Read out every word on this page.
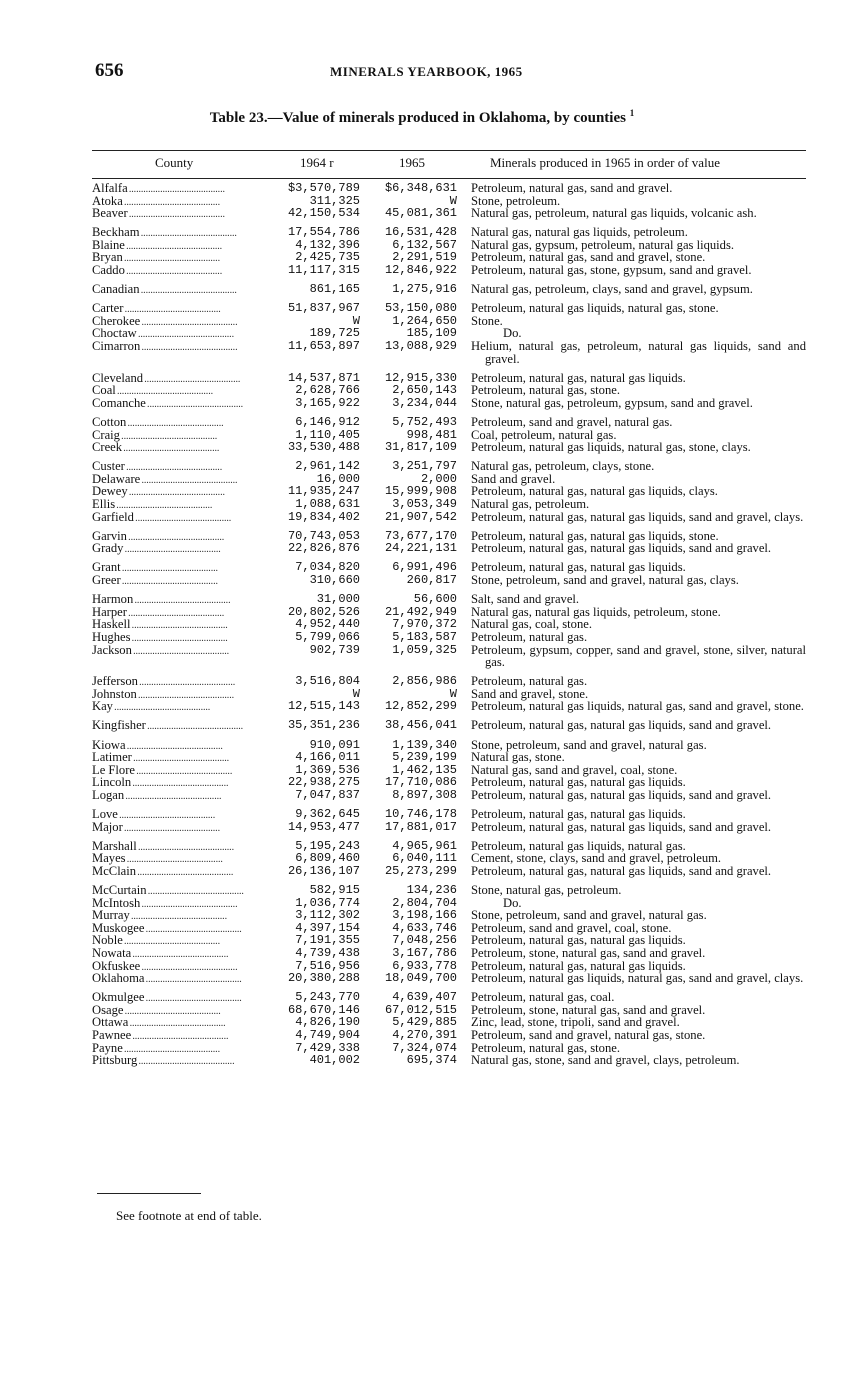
656	MINERALS YEARBOOK, 1965
Table 23.—Value of minerals produced in Oklahoma, by counties $^1$
County	1964 r	1965	Minerals produced in 1965 in order of value
Alfalfa . . .	$3,570,789	$6,348,631 Petroleum, natural gas, sand and gravel.
Atoka . . .	311,325	W Stone, petroleum.
Beaver . . .	42,150,534	45,081,361 Natural gas, petroleum, natural gas liquids, volcanic ash.
Beckham . . .	17,554,786	16,531,428 Natural gas, natural gas liquids, petroleum.
Blaine . . .	4,132,396	6,132,567 Natural gas, gypsum, petroleum, natural gas liquids.
Bryan . . .	2,425,735	2,291,519 Petroleum, natural gas, sand and gravel, stone.
Caddo . . .	11,117,315	12,846,922 Petroleum, natural gas, stone, gypsum, sand and gravel.
Canadian . . .	861,165	1,275,916 Natural gas, petroleum, clays, sand and gravel, gypsum.
Carter . . .	51,837,967	53,150,080 Petroleum, natural gas liquids, natural gas, stone.
Cherokee . . .	W	1,264,650 Stone.
Choctaw . . .	189,725	185,109	Do.
Cimarron . . .	11,653,897	13,088,929 Helium, natural gas, petroleum, natural gas liquids, sand and gravel.
Cleveland . . .	14,537,871	12,915,330 Petroleum, natural gas, natural gas liquids.
Coal . . .	2,628,766	2,650,143 Petroleum, natural gas, stone.
Comanche . . .	3,165,922	3,234,044 Stone, natural gas, petroleum, gypsum, sand and gravel.
Cotton . . .	6,146,912	5,752,493 Petroleum, sand and gravel, natural gas.
Craig . . .	1,110,405	998,481 Coal, petroleum, natural gas.
Creek . . .	33,530,488	31,817,109 Petroleum, natural gas liquids, natural gas, stone, clays.
Custer . . .	2,961,142	3,251,797 Natural gas, petroleum, clays, stone.
Delaware . . .	16,000	2,000 Sand and gravel.
Dewey . . .	11,935,247	15,999,908 Petroleum, natural gas, natural gas liquids, clays.
Ellis . . .	1,088,631	3,053,349 Natural gas, petroleum.
Garfield . . .	19,834,402	21,907,542 Petroleum, natural gas, natural gas liquids, sand and gravel, clays.
Garvin . . .	70,743,053	73,677,170 Petroleum, natural gas, natural gas liquids, stone.
Grady . . .	22,826,876	24,221,131 Petroleum, natural gas, natural gas liquids, sand and gravel.
Grant . . .	7,034,820	6,991,496 Petroleum, natural gas, natural gas liquids.
Greer . . .	310,660	260,817 Stone, petroleum, sand and gravel, natural gas, clays.
Harmon . . .	31,000	56,600 Salt, sand and gravel.
Harper . . .	20,802,526	21,492,949 Natural gas, natural gas liquids, petroleum, stone.
Haskell . . .	4,952,440	7,970,372 Natural gas, coal, stone.
Hughes . . .	5,799,066	5,183,587 Petroleum, natural gas.
Jackson . . .	902,739	1,059,325 Petroleum, gypsum, copper, sand and gravel, stone, silver, natural gas.
Jefferson . . .	3,516,804	2,856,986 Petroleum, natural gas.
Johnston . . .	W	W Sand and gravel, stone.
Kay . . .	12,515,143	12,852,299 Petroleum, natural gas liquids, natural gas, sand and gravel, stone.
Kingfisher . . .	35,351,236	38,456,041 Petroleum, natural gas, natural gas liquids, sand and gravel.
Kiowa . . .	910,091	1,139,340 Stone, petroleum, sand and gravel, natural gas.
Latimer . . .	4,166,011	5,239,199 Natural gas, stone.
Le Flore . . .	1,369,536	1,462,135 Natural gas, sand and gravel, coal, stone.
Lincoln . . .	22,938,275	17,710,086 Petroleum, natural gas, natural gas liquids.
Logan . . .	7,047,837	8,897,308 Petroleum, natural gas, natural gas liquids, sand and gravel.
Love . . .	9,362,645	10,746,178 Petroleum, natural gas, natural gas liquids.
Major . . .	14,953,477	17,881,017 Petroleum, natural gas, natural gas liquids, sand and gravel.
Marshall . . .	5,195,243	4,965,961 Petroleum, natural gas liquids, natural gas.
Mayes . . .	6,809,460	6,040,111 Cement, stone, clays, sand and gravel, petroleum.
McClain . . .	26,136,107	25,273,299 Petroleum, natural gas, natural gas liquids, sand and gravel.
McCurtain . . .	582,915	134,236 Stone, natural gas, petroleum.
McIntosh . . .	1,036,774	2,804,704	Do.
Murray . . .	3,112,302	3,198,166 Stone, petroleum, sand and gravel, natural gas.
Muskogee . . .	4,397,154	4,633,746 Petroleum, sand and gravel, coal, stone.
Noble . . .	7,191,355	7,048,256 Petroleum, natural gas, natural gas liquids.
Nowata . . .	4,739,438	3,167,786 Petroleum, stone, natural gas, sand and gravel.
Okfuskee . . .	7,516,956	6,933,778 Petroleum, natural gas, natural gas liquids.
Oklahoma . . .	20,380,288	18,049,700 Petroleum, natural gas liquids, natural gas, sand and gravel, clays.
Okmulgee . . .	5,243,770	4,639,407 Petroleum, natural gas, coal.
Osage . . .	68,670,146	67,012,515 Petroleum, stone, natural gas, sand and gravel.
Ottawa . . .	4,826,190	5,429,885 Zinc, lead, stone, tripoli, sand and gravel.
Pawnee . . .	4,749,904	4,270,391 Petroleum, sand and gravel, natural gas, stone.
Payne . . .	7,429,338	7,324,074 Petroleum, natural gas, stone.
Pittsburg . . .	401,002	695,374 Natural gas, stone, sand and gravel, clays, petroleum.
See footnote at end of table.
